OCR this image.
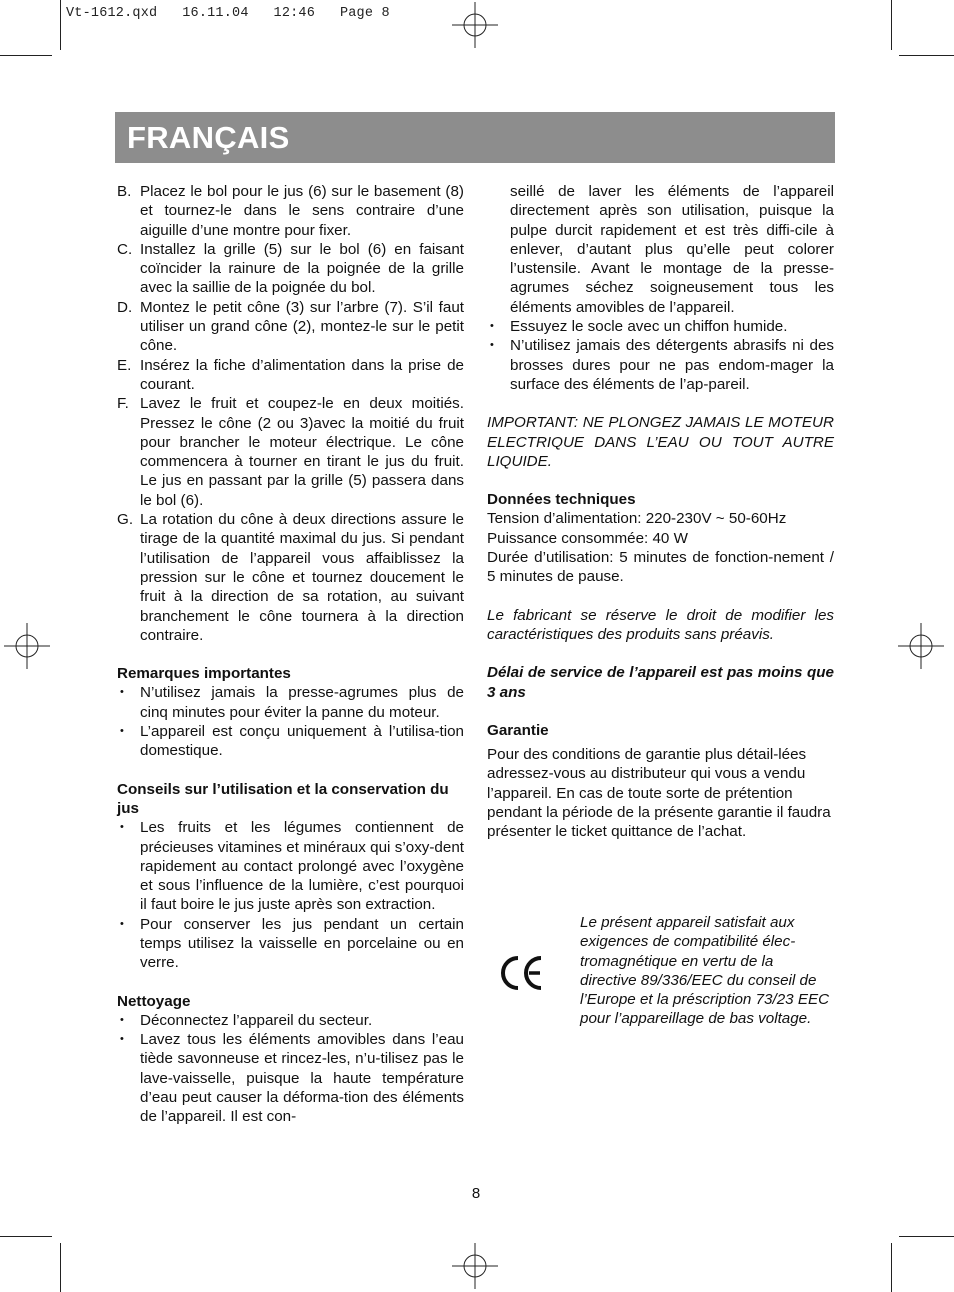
Vt-1612.qxd   16.11.04   12:46   Page 8
FRANÇAIS
B. Placez le bol pour le jus (6) sur le basement (8) et tournez-le dans le sens contraire d’une aiguille d’une montre pour fixer.
C. Installez la grille (5) sur le bol (6) en faisant coïncider la rainure de la poignée de la grille avec la saillie de la poignée du bol.
D. Montez le petit cône (3) sur l’arbre (7). S’il faut utiliser un grand cône (2), montez-le sur le petit cône.
E. Insérez la fiche d’alimentation dans la prise de courant.
F. Lavez le fruit et coupez-le en deux moitiés. Pressez le cône (2 ou 3)avec la moitié du fruit pour brancher le moteur électrique. Le cône commencera à tourner en tirant le jus du fruit. Le jus en passant par la grille (5) passera dans le bol (6).
G. La rotation du cône à deux directions assure le tirage de la quantité maximal du jus. Si pendant l’utilisation de l’appareil vous affaiblissez la pression sur le cône et tournez doucement le fruit à la direction de sa rotation, au suivant branchement le cône tournera à la direction contraire.

Remarques importantes

• N’utilisez jamais la presse-agrumes plus de cinq minutes pour éviter la panne du moteur.
• L’appareil est conçu uniquement à l’utilisa-tion domestique.

Conseils sur l’utilisation et la conservation du jus

• Les fruits et les légumes contiennent de précieuses vitamines et minéraux qui s’oxy-dent rapidement au contact prolongé avec l’oxygène et sous l’influence de la lumière, c’est pourquoi il faut boire le jus juste après son extraction.
• Pour conserver les jus pendant un certain temps utilisez la vaisselle en porcelaine ou en verre.

Nettoyage

• Déconnectez l’appareil du secteur.
• Lavez tous les éléments amovibles dans l’eau tiède savonneuse et rincez-les, n’u-tilisez pas le lave-vaisselle, puisque la haute température d’eau peut causer la déforma-tion des éléments de l’appareil. Il est con-
seillé de laver les éléments de l’appareil directement après son utilisation, puisque la pulpe durcit rapidement et est très diffi-cile à enlever, d’autant plus qu’elle peut colorer l’ustensile. Avant le montage de la presse-agrumes séchez soigneusement tous les éléments amovibles de l’appareil.
• Essuyez le socle avec un chiffon humide.
• N’utilisez jamais des détergents abrasifs ni des brosses dures pour ne pas endom-mager la surface des éléments de l’ap-pareil.

IMPORTANT: NE PLONGEZ JAMAIS LE MOTEUR ELECTRIQUE DANS L’EAU OU TOUT AUTRE LIQUIDE.

Données techniques

Tension d’alimentation: 220-230V ~ 50-60Hz

Puissance consommée: 40 W

Durée d’utilisation: 5 minutes de fonction-nement / 5 minutes de pause.

Le fabricant se réserve le droit de modifier les caractéristiques des produits sans préavis.

Délai de service de l’appareil est pas moins que 3 ans

Garantie

Pour des conditions de garantie plus détail-lées adressez-vous au distributeur qui vous a vendu l’appareil. En cas de toute sorte de prétention pendant la période de la présente garantie il faudra présenter le ticket quittance de l’achat.

Le présent appareil satisfait aux exigences de compatibilité élec-tromagnétique en vertu de la directive 89/336/EEC du conseil de l’Europe et la préscription 73/23 EEC pour l’appareillage de bas voltage.
8
